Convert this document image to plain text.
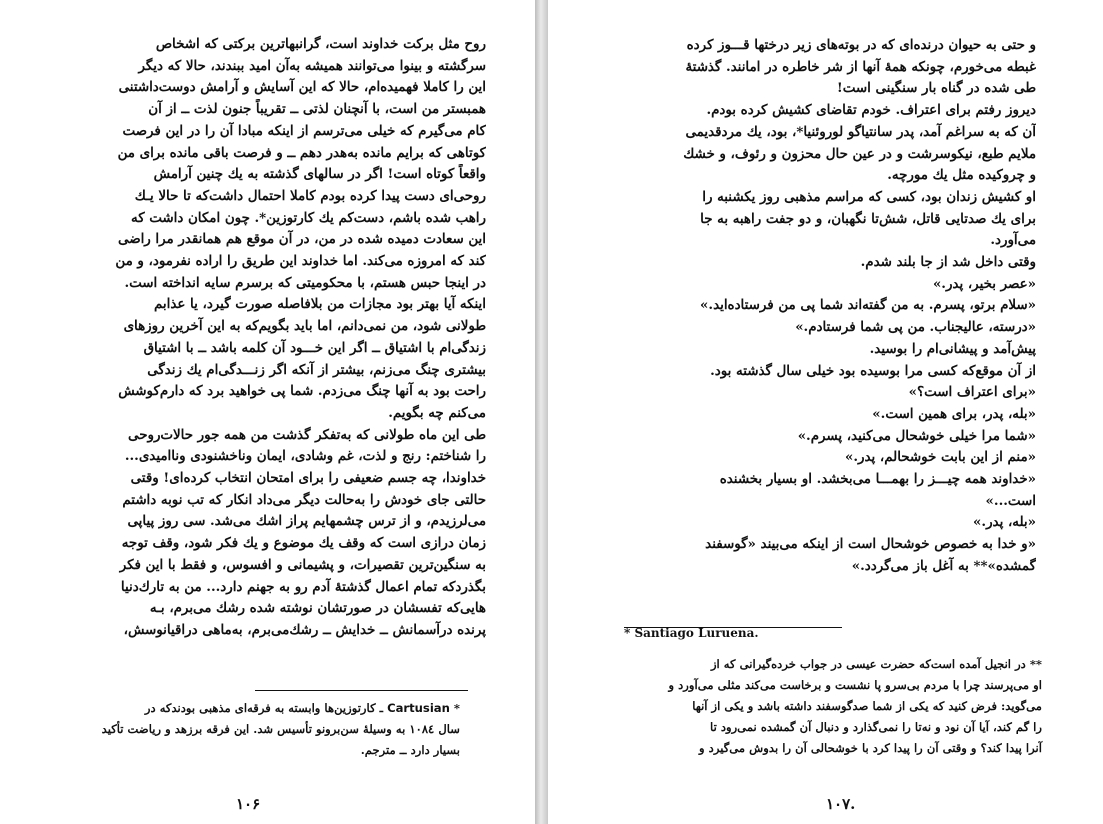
روح مثل برکت خداوند است، گرانبهاترین برکتی که اشخاص
سرگشته و بینوا می‌توانند همیشه به‌آن امید ببندند، حالا که دیگر
این را کاملا فهمیده‌ام، حالا که این آسایش و آرامش دوست‌داشتنی
همبستر من است، با آنچنان لذتی ــ تقریباً جنون لذت ــ از آن
کام می‌گیرم که خیلی می‌ترسم از اینکه مبادا آن را در این فرصت
کوتاهی که برایم مانده به‌هدر دهم ــ و فرصت باقی مانده برای من
واقعاً کوتاه است! اگر در سالهای گذشته به یك چنین آرامش
روحی‌ای دست پیدا کرده بودم کاملا احتمال داشت‌که تا حالا یـك
راهب شده باشم، دست‌کم یك کارتوزین*. چون امکان داشت که
این سعادت دمیده شده در من، در آن موقع هم همانقدر مرا راضی
کند که امروزه می‌کند. اما خداوند این طریق را اراده نفرمود، و من
در اینجا حبس هستم، با محکومیتی که برسرم سایه انداخته است.
اینکه آیا بهتر بود مجازات من بلافاصله صورت گیرد، یا عذابم
طولانی شود، من نمی‌دانم، اما باید بگویم‌که به این آخرین روزهای
زندگی‌ام با اشتیاق ــ اگر این خـــود آن کلمه باشد ــ با اشتیاق
بیشتری چنگ می‌زنم، بیشتر از آنکه اگر زنـــدگی‌ام یك زندگی
راحت بود به آنها چنگ می‌زدم. شما پی خواهید برد که دارم‌کوشش
می‌کنم چه بگویم.
طی این ماه طولانی که به‌تفکر گذشت من همه جور حالات‌روحی
را شناختم: رنج و لذت، غم وشادی، ایمان وناخشنودی وناامیدی...
خداوندا، چه جسم ضعیفی را برای امتحان انتخاب کرده‌ای! وقتی
حالتی جای خودش را به‌حالت دیگر می‌داد انکار که تب نوبه داشتم
می‌لرزیدم، و از ترس چشمهایم پراز اشك می‌شد. سی روز پیاپی
زمان درازی است که وقف یك موضوع و یك فکر شود، وقف توجه
به سنگین‌ترین تقصیرات، و پشیمانی و افسوس، و فقط با این فکر
بگذرد‌که تمام اعمال گذشتهٔ آدم رو به جهنم دارد... من به تارك‌دنیا
هایی‌که تفسشان در صورتشان نوشته شده رشك می‌برم، بـه
پرنده درآسمانش ــ خدایش ــ رشك‌می‌برم، به‌ماهی دراقیانوسش،
* Cartusian ـ کارتوزین‌ها وابسته به فرقه‌ای مذهبی بودند‌که در
سال ۱۰۸٤ به وسیلهٔ سن‌برونو تأسیس شد. این فرقه برزهد و ریاضت تأکید
بسیار دارد ــ مترجم.
۱۰۶
و حتی به حیوان درنده‌ای که در بوته‌های زیر درختها قـــوز کرده
غبطه می‌خورم، چونکه همهٔ آنها از شر خاطره در امانند. گذشتهٔ
طی شده در گناه بار سنگینی است!
دیروز رفتم برای اعتراف. خودم تقاضای کشیش کرده بودم.
آن که به سراغم آمد، پدر سانتیاگو لوروئنیا*، بود، یك مردقدیمی
ملایم طبع، نیکوسرشت و در عین حال محزون و رئوف، و خشك
و چروکیده مثل یك مورچه.
او کشیش زندان بود، کسی که مراسم مذهبی روز یکشنبه را
برای یك صدتایی قاتل، شش‌تا نگهبان، و دو جفت راهبه به جا
می‌آورد.
وقتی داخل شد از جا بلند شدم.
«عصر بخیر، پدر.»
«سلام برتو، پسرم. به من گفته‌اند شما پی من فرستاده‌اید.»
«درسته، عالیجناب. من پی شما فرستادم.»
پیش‌آمد و پیشانی‌ام را بوسید.
از آن موقع‌که کسی مرا بوسیده بود خیلی سال گذشته بود.
«برای اعتراف است؟»
«بله، پدر، برای همین است.»
«شما مرا خیلی خوشحال می‌کنید، پسرم.»
«منم از این بابت خوشحالم، پدر.»
«خداوند همه چیـــز را بهمـــا می‌بخشد. او بسیار بخشنده
است...»
«بله، پدر.»
«و خدا به خصوص خوشحال است از اینکه می‌بیند «گوسفند
گمشده»** به آغل باز می‌گردد.»
* Santiago Luruena.
** در انجیل آمده است‌که حضرت عیسی در جواب خرده‌گیرانی که از
او می‌پرسند چرا با مردم بی‌سرو پا نشست و برخاست می‌کند مثلی می‌آورد و
می‌گوید: فرض کنید که یکی از شما صدگوسفند داشته باشد و یکی از آنها
را گم کند، آیا آن نود و نه‌تا را نمی‌گذارد و دنبال آن گمشده نمی‌رود تا
آنرا پیدا کند؟ و وقتی آن را پیدا کرد با خوشحالی آن را بدوش می‌گیرد و
.۱۰۷
